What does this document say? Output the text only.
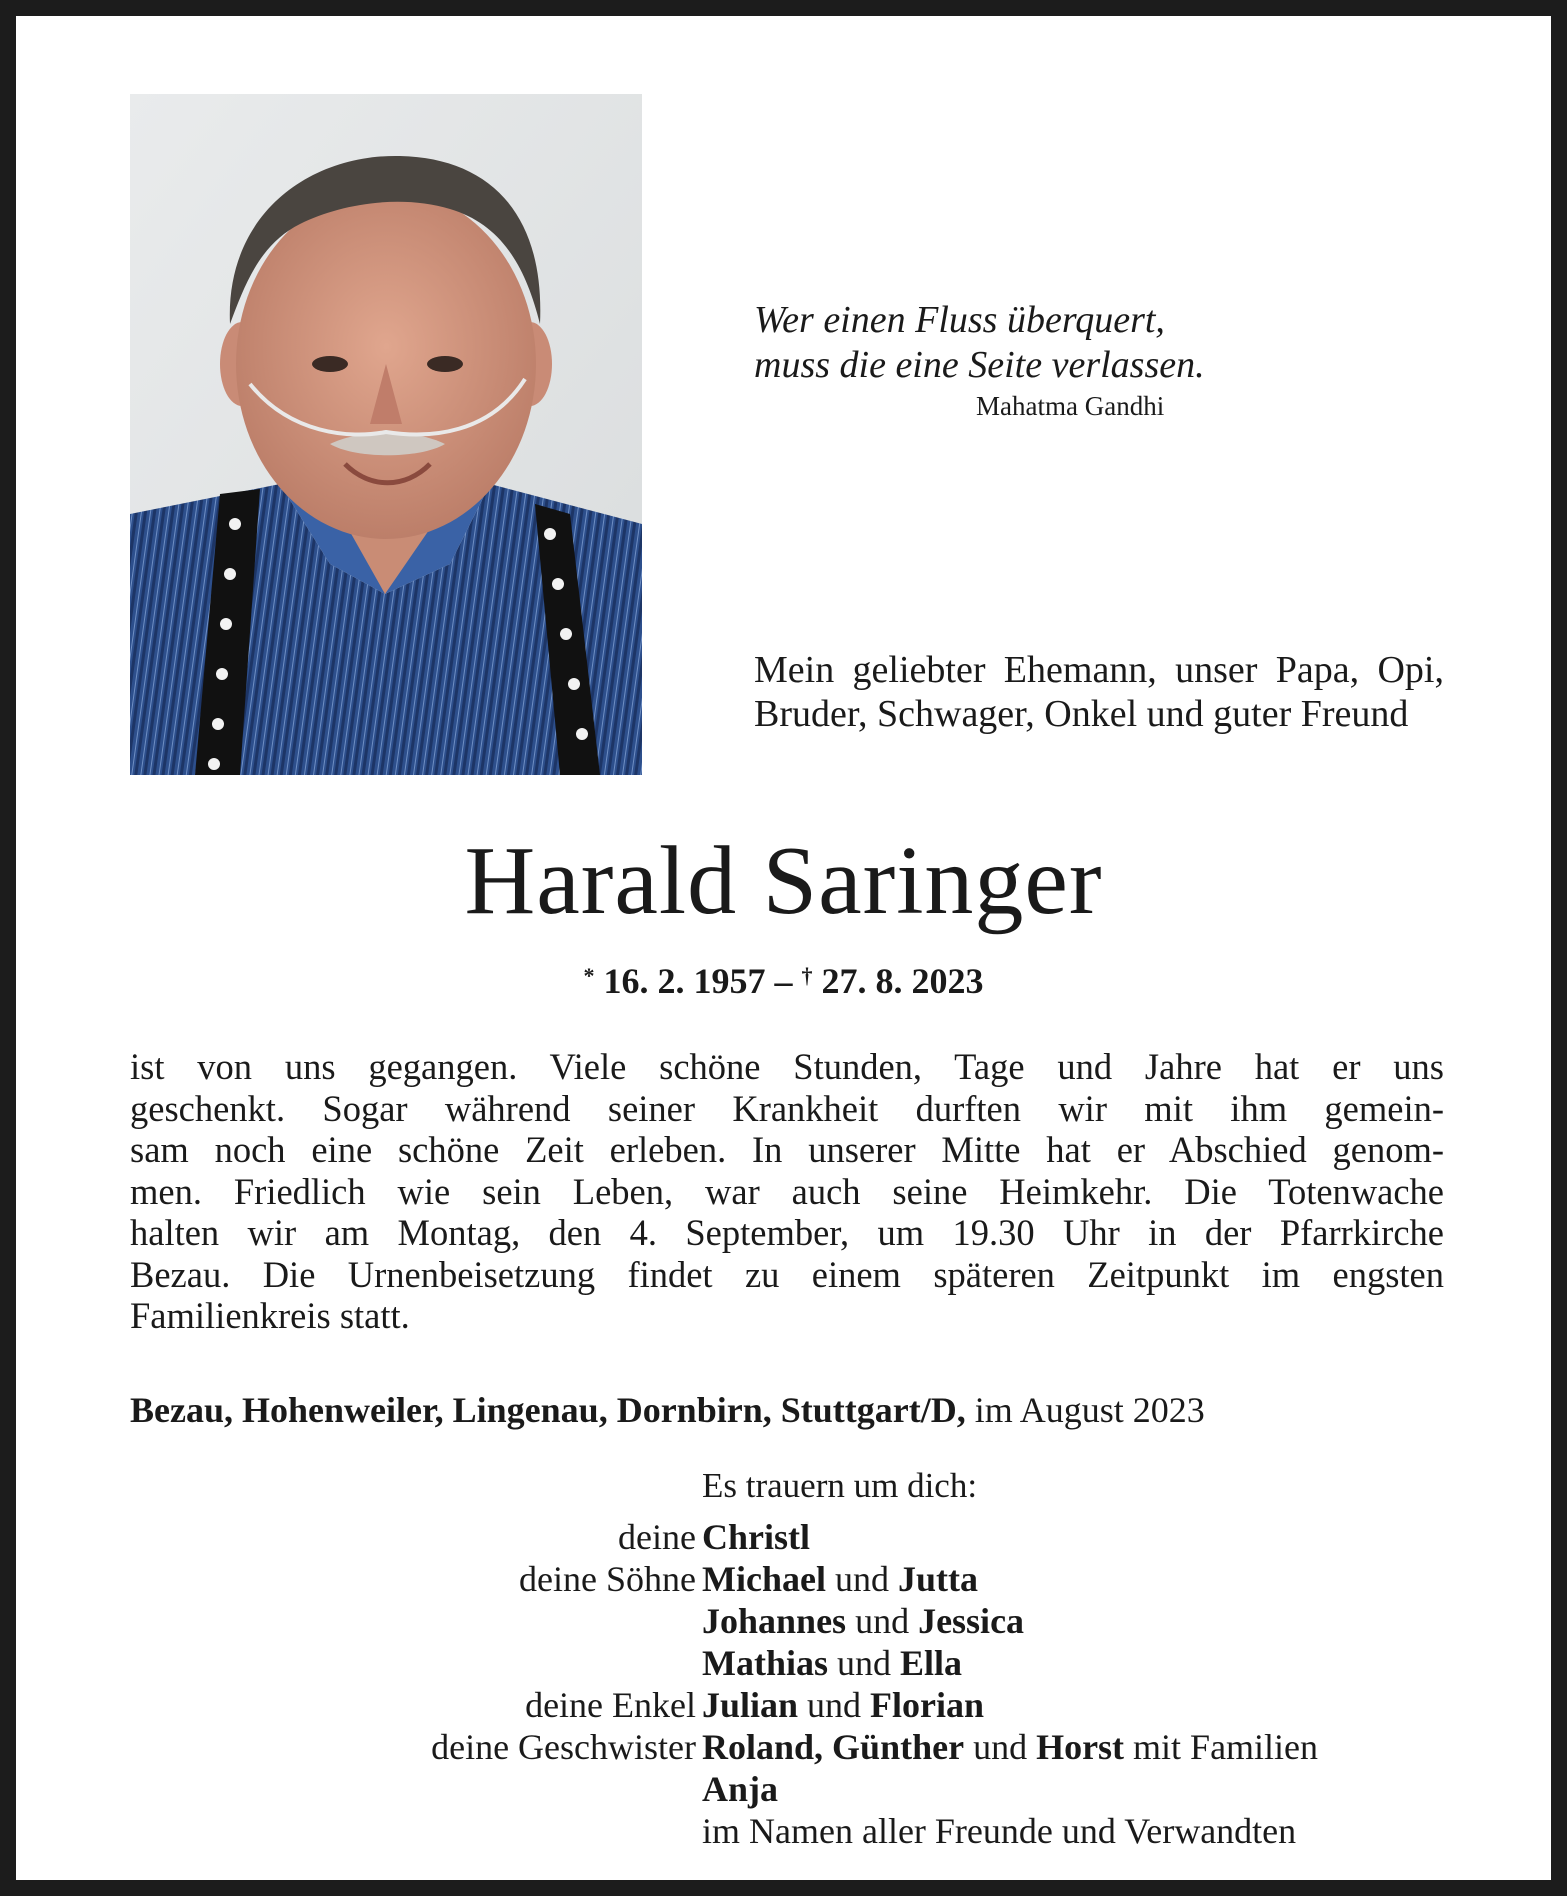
Wer einen Fluss überquert,
muss die eine Seite verlassen.
Mahatma Gandhi
Mein geliebter Ehemann, unser Papa, Opi, Bruder, Schwager, Onkel und guter Freund
Harald Saringer
* 16. 2. 1957 – † 27. 8. 2023
ist von uns gegangen. Viele schöne Stunden, Tage und Jahre hat er uns
geschenkt. Sogar während seiner Krankheit durften wir mit ihm gemein-
sam noch eine schöne Zeit erleben. In unserer Mitte hat er Abschied genom-
men. Friedlich wie sein Leben, war auch seine Heimkehr. Die Totenwache
halten wir am Montag, den 4. September, um 19.30 Uhr in der Pfarrkirche
Bezau. Die Urnenbeisetzung findet zu einem späteren Zeitpunkt im engsten
Familienkreis statt.
Bezau, Hohenweiler, Lingenau, Dornbirn, Stuttgart/D, im August 2023
Es trauern um dich:
deine Christl
deine Söhne Michael und Jutta
Johannes und Jessica
Mathias und Ella
deine Enkel Julian und Florian
deine Geschwister Roland, Günther und Horst mit Familien
Anja
im Namen aller Freunde und Verwandten
